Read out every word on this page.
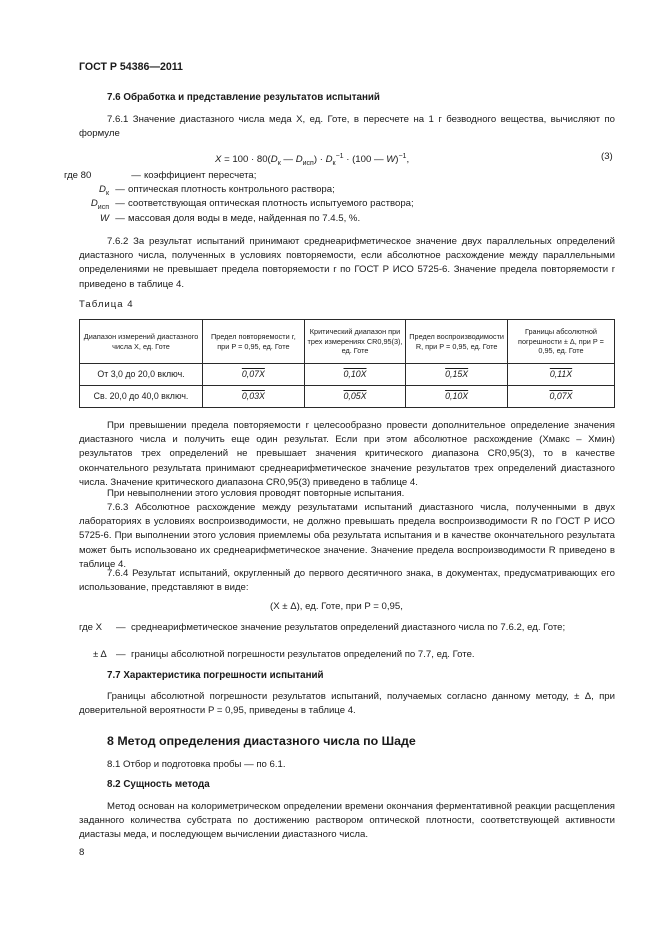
ГОСТ Р 54386—2011

7.6 Обработка и представление результатов испытаний

7.6.1 Значение диастазного числа меда X, ед. Готе, в пересчете на 1 г безводного вещества, вычисляют по формуле

$X = 100 \cdot 80(D_к$ — $D_{исп}) \cdot D_к^{-1} \cdot (100$ — W)$^{-1}$,	(3)
где 80	— коэффициент пересчета;
$D_к$ — оптическая плотность контрольного раствора;
$D_{исп}$ — соответствующая оптическая плотность испытуемого раствора;
W — массовая доля воды в меде, найденная по 7.4.5, %.

7.6.2 За результат испытаний принимают среднеарифметическое значение двух параллельных определений диастазного числа, полученных в условиях повторяемости, если абсолютное расхождение между параллельными определениями не превышает предела повторяемости r по ГОСТ Р ИСО 5725-6. Значение предела повторяемости r приведено в таблице 4.

Таблица 4

Диапазон измерений диастазного числа X, ед. Готе	Предел повторяемости r, при P = 0,95, ед. Готе	Критический диапазон при трех измерениях CR0,95(3), ед. Готе	Предел воспроизводимости R, при P = 0,95, ед. Готе	Границы абсолютной погрешности ± Δ, при P = 0,95, ед. Готе
От 3,0 до 20,0 включ.	0,07X	0,10X	0,15X	0,11X
Св. 20,0 до 40,0 включ.	0,03X	0,05X	0,10X	0,07X

При превышении предела повторяемости r целесообразно провести дополнительное определение значения диастазного числа и получить еще один результат. Если при этом абсолютное расхождение (Xмакс – Xмин) результатов трех определений не превышает значения критического диапазона CR0,95(3), то в качестве окончательного результата принимают среднеарифметическое значение результатов трех определений диастазного числа. Значение критического диапазона CR0,95(3) приведено в таблице 4.

При невыполнении этого условия проводят повторные испытания.

7.6.3 Абсолютное расхождение между результатами испытаний диастазного числа, полученными в двух лабораториях в условиях воспроизводимости, не должно превышать предела воспроизводимости R по ГОСТ Р ИСО 5725-6. При выполнении этого условия приемлемы оба результата испытания и в качестве окончательного результата может быть использовано их среднеарифметическое значение. Значение предела воспроизводимости R приведено в таблице 4.

7.6.4 Результат испытаний, округленный до первого десятичного знака, в документах, предусматривающих его использование, представляют в виде:

(X ± Δ), ед. Готе, при P = 0,95,

где X — среднеарифметическое значение результатов определений диастазного числа по 7.6.2, ед. Готе;

± Δ — границы абсолютной погрешности результатов определений по 7.7, ед. Готе.

7.7 Характеристика погрешности испытаний

Границы абсолютной погрешности результатов испытаний, получаемых согласно данному методу, ± Δ, при доверительной вероятности P = 0,95, приведены в таблице 4.

8 Метод определения диастазного числа по Шаде

8.1 Отбор и подготовка пробы — по 6.1.

8.2 Сущность метода

Метод основан на колориметрическом определении времени окончания ферментативной реакции расщепления заданного количества субстрата по достижению раствором оптической плотности, соответствующей активности диастазы меда, и последующем вычислении диастазного числа.

8
